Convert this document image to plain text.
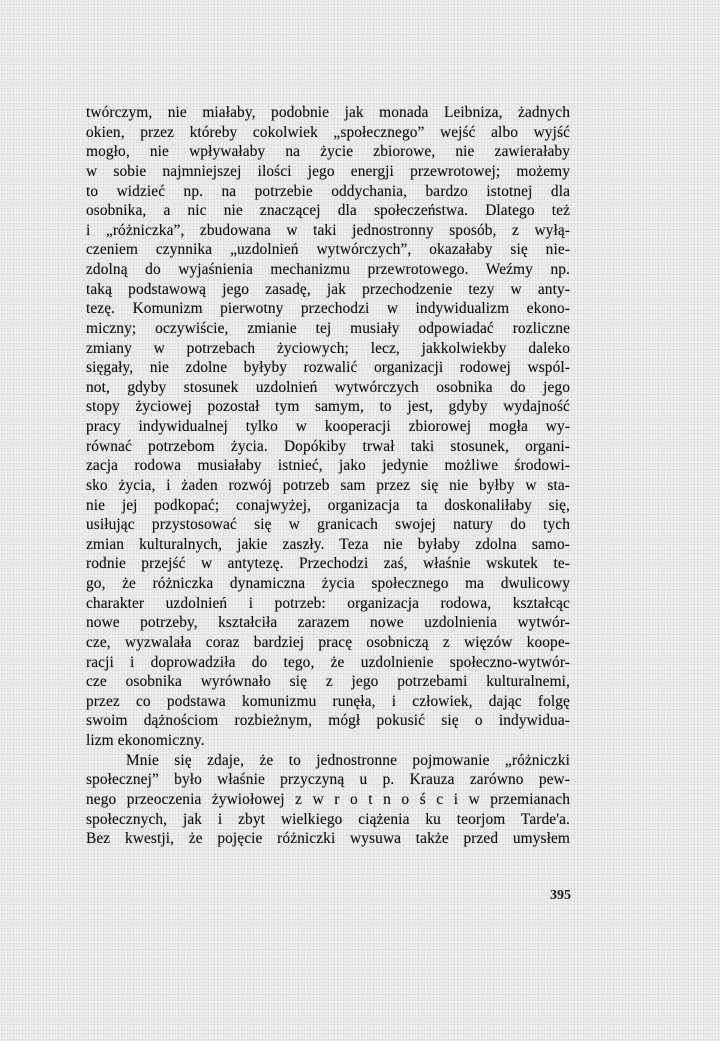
twórczym, nie miałaby, podobnie jak monada Leibniza, żadnych
okien, przez któreby cokolwiek „społecznego” wejść albo wyjść
mogło, nie wpływałaby na życie zbiorowe, nie zawierałaby
w sobie najmniejszej ilości jego energji przewrotowej; możemy
to widzieć np. na potrzebie oddychania, bardzo istotnej dla
osobnika, a nic nie znaczącej dla społeczeństwa. Dlatego też
i „różniczka”, zbudowana w taki jednostronny sposób, z wyłą-
czeniem czynnika „uzdolnień wytwórczych”, okazałaby się nie-
zdolną do wyjaśnienia mechanizmu przewrotowego. Weźmy np.
taką podstawową jego zasadę, jak przechodzenie tezy w anty-
tezę. Komunizm pierwotny przechodzi w indywidualizm ekono-
miczny; oczywiście, zmianie tej musiały odpowiadać rozliczne
zmiany w potrzebach życiowych; lecz, jakkolwiekby daleko
sięgały, nie zdolne byłyby rozwalić organizacji rodowej wspól-
not, gdyby stosunek uzdolnień wytwórczych osobnika do jego
stopy życiowej pozostał tym samym, to jest, gdyby wydajność
pracy indywidualnej tylko w kooperacji zbiorowej mogła wy-
równać potrzebom życia. Dopókiby trwał taki stosunek, organi-
zacja rodowa musiałaby istnieć, jako jedynie możliwe środowi-
sko życia, i żaden rozwój potrzeb sam przez się nie byłby w sta-
nie jej podkopać; conajwyżej, organizacja ta doskonaliłaby się,
usiłując przystosować się w granicach swojej natury do tych
zmian kulturalnych, jakie zaszły. Teza nie byłaby zdolna samo-
rodnie przejść w antytezę. Przechodzi zaś, właśnie wskutek te-
go, że różniczka dynamiczna życia społecznego ma dwulicowy
charakter uzdolnień i potrzeb: organizacja rodowa, kształcąc
nowe potrzeby, kształciła zarazem nowe uzdolnienia wytwór-
cze, wyzwalała coraz bardziej pracę osobniczą z więzów koope-
racji i doprowadziła do tego, że uzdolnienie społeczno-wytwór-
cze osobnika wyrównało się z jego potrzebami kulturalnemi,
przez co podstawa komunizmu runęła, i człowiek, dając folgę
swoim dążnościom rozbieżnym, mógł pokusić się o indywidua-
lizm ekonomiczny.
Mnie się zdaje, że to jednostronne pojmowanie „różniczki
społecznej” było właśnie przyczyną u p. Krauza zarówno pew-
nego przeoczenia żywiołowej z w r o t n o ś c i w przemianach
społecznych, jak i zbyt wielkiego ciążenia ku teorjom Tarde'a.
Bez kwestji, że pojęcie różniczki wysuwa także przed umysłem
395
